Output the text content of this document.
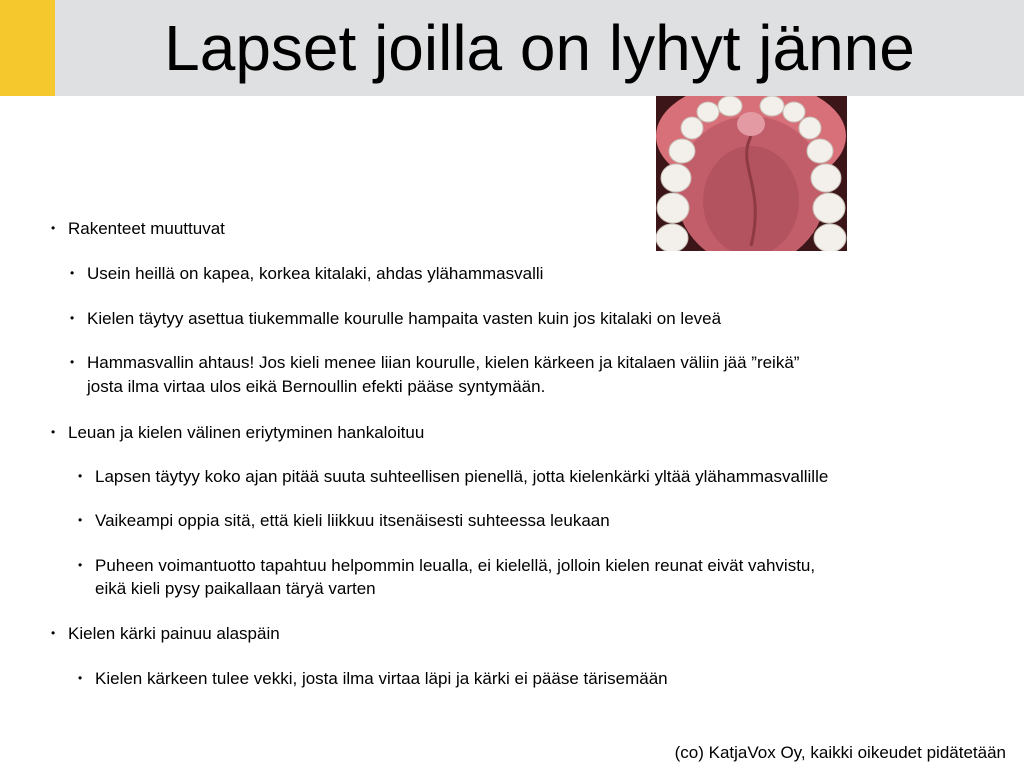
Lapset joilla on lyhyt jänne
• Rakenteet muuttuvat
• Usein heillä on kapea, korkea kitalaki, ahdas ylähammasvalli
• Kielen täytyy asettua tiukemmalle kourulle hampaita vasten kuin jos kitalaki on leveä
• Hammasvallin ahtaus! Jos kieli menee liian kourulle, kielen kärkeen ja kitalaen väliin jää ”reikä”
josta ilma virtaa ulos eikä Bernoullin efekti pääse syntymään.
• Leuan ja kielen välinen eriytyminen hankaloituu
• Lapsen täytyy koko ajan pitää suuta suhteellisen pienellä, jotta kielenkärki yltää ylähammasvallille
• Vaikeampi oppia sitä, että kieli liikkuu itsenäisesti suhteessa leukaan
• Puheen voimantuotto tapahtuu helpommin leualla, ei kielellä, jolloin kielen reunat eivät vahvistu,
eikä kieli pysy paikallaan täryä varten
• Kielen kärki painuu alaspäin
• Kielen kärkeen tulee vekki, josta ilma virtaa läpi ja kärki ei pääse tärisemään
(co) KatjaVox Oy, kaikki oikeudet pidätetään
